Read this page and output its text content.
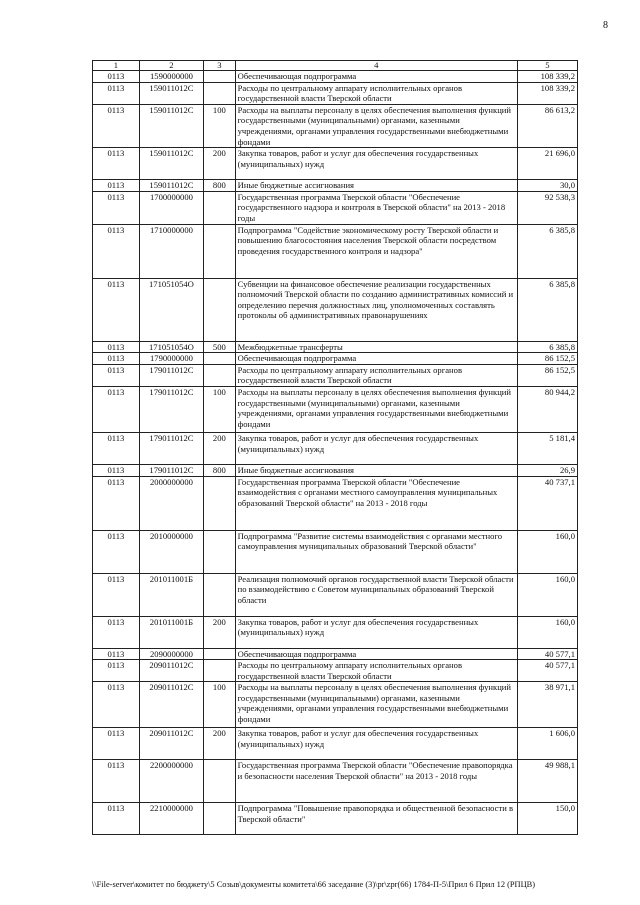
8
1	2	3	4	5
0113	1590000000		Обеспечивающая подпрограмма	108 339,2
0113	159011012С		Расходы по центральному аппарату исполнительных органов государственной власти Тверской области	108 339,2
0113	159011012С	100	Расходы на выплаты персоналу в целях обеспечения выполнения функций государственными (муниципальными) органами, казенными учреждениями, органами управления государственными внебюджетными фондами	86 613,2
0113	159011012С	200	Закупка товаров, работ и услуг для обеспечения государственных (муниципальных) нужд	21 696,0
0113	159011012С	800	Иные бюджетные ассигнования	30,0
0113	1700000000		Государственная программа Тверской области "Обеспечение государственного надзора и контроля в Тверской области" на 2013 - 2018 годы	92 538,3
0113	1710000000		Подпрограмма "Содействие экономическому росту Тверской области и повышению благосостояния населения Тверской области посредством проведения государственного контроля и надзора"	6 385,8
0113	171051054О		Субвенции на финансовое обеспечение реализации государственных полномочий Тверской области по созданию административных комиссий и определению перечня должностных лиц, уполномоченных составлять протоколы об административных правонарушениях	6 385,8
0113	171051054О	500	Межбюджетные трансферты	6 385,8
0113	1790000000		Обеспечивающая подпрограмма	86 152,5
0113	179011012С		Расходы по центральному аппарату исполнительных органов государственной власти Тверской области	86 152,5
0113	179011012С	100	Расходы на выплаты персоналу в целях обеспечения выполнения функций государственными (муниципальными) органами, казенными учреждениями, органами управления государственными внебюджетными фондами	80 944,2
0113	179011012С	200	Закупка товаров, работ и услуг для обеспечения государственных (муниципальных) нужд	5 181,4
0113	179011012С	800	Иные бюджетные ассигнования	26,9
0113	2000000000		Государственная программа Тверской области "Обеспечение взаимодействия с органами местного самоуправления муниципальных образований Тверской области" на 2013 - 2018 годы	40 737,1
0113	2010000000		Подпрограмма "Развитие системы взаимодействия с органами местного самоуправления муниципальных образований Тверской области"	160,0
0113	201011001Б		Реализация полномочий органов государственной власти Тверской области по взаимодействию с Советом муниципальных образований Тверской области	160,0
0113	201011001Б	200	Закупка товаров, работ и услуг для обеспечения государственных (муниципальных) нужд	160,0
0113	2090000000		Обеспечивающая подпрограмма	40 577,1
0113	209011012С		Расходы по центральному аппарату исполнительных органов государственной власти Тверской области	40 577,1
0113	209011012С	100	Расходы на выплаты персоналу в целях обеспечения выполнения функций государственными (муниципальными) органами, казенными учреждениями, органами управления государственными внебюджетными фондами	38 971,1
0113	209011012С	200	Закупка товаров, работ и услуг для обеспечения государственных (муниципальных) нужд	1 606,0
0113	2200000000		Государственная программа Тверской области "Обеспечение правопорядка и безопасности населения Тверской области" на 2013 - 2018 годы	49 988,1
0113	2210000000		Подпрограмма "Повышение правопорядка и общественной безопасности в Тверской области"	150,0
\\File-server\комитет по бюджету\5 Созыв\документы комитета\66 заседание (3)\pr\zpr(66) 1784-П-5\Прил 6 Прил 12 (РПЦВ)
